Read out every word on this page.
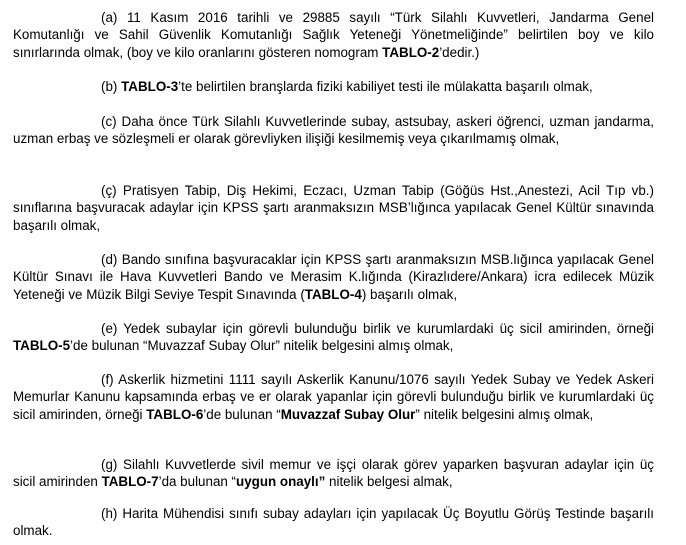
(a) 11 Kasım 2016 tarihli ve 29885 sayılı “Türk Silahlı Kuvvetleri, Jandarma Genel Komutanlığı ve Sahil Güvenlik Komutanlığı Sağlık Yeteneği Yönetmeliğinde” belirtilen boy ve kilo sınırlarında olmak, (boy ve kilo oranlarını gösteren nomogram TABLO-2’dedir.)

(b) TABLO-3’te belirtilen branşlarda fiziki kabiliyet testi ile mülakatta başarılı olmak,

(c) Daha önce Türk Silahlı Kuvvetlerinde subay, astsubay, askeri öğrenci, uzman jandarma, uzman erbaş ve sözleşmeli er olarak görevliyken ilişiği kesilmemiş veya çıkarılmamış olmak,

(ç) Pratisyen Tabip, Diş Hekimi, Eczacı, Uzman Tabip (Göğüs Hst.,Anestezi, Acil Tıp vb.) sınıflarına başvuracak adaylar için KPSS şartı aranmaksızın MSB’lığınca yapılacak Genel Kültür sınavında başarılı olmak,

(d) Bando sınıfına başvuracaklar için KPSS şartı aranmaksızın MSB.lığınca yapılacak Genel Kültür Sınavı ile Hava Kuvvetleri Bando ve Merasim K.lığında (Kirazlıdere/Ankara) icra edilecek Müzik Yeteneği ve Müzik Bilgi Seviye Tespit Sınavında (TABLO-4) başarılı olmak,

(e) Yedek subaylar için görevli bulunduğu birlik ve kurumlardaki üç sicil amirinden, örneği TABLO-5’de bulunan “Muvazzaf Subay Olur” nitelik belgesini almış olmak,

(f) Askerlik hizmetini 1111 sayılı Askerlik Kanunu/1076 sayılı Yedek Subay ve Yedek Askeri Memurlar Kanunu kapsamında erbaş ve er olarak yapanlar için görevli bulunduğu birlik ve kurumlardaki üç sicil amirinden, örneği TABLO-6’de bulunan “Muvazzaf Subay Olur” nitelik belgesini almış olmak,

(g) Silahlı Kuvvetlerde sivil memur ve işçi olarak görev yaparken başvuran adaylar için üç sicil amirinden TABLO-7’da bulunan “uygun onaylı” nitelik belgesi almak,

(h) Harita Mühendisi sınıfı subay adayları için yapılacak Üç Boyutlu Görüş Testinde başarılı olmak.
